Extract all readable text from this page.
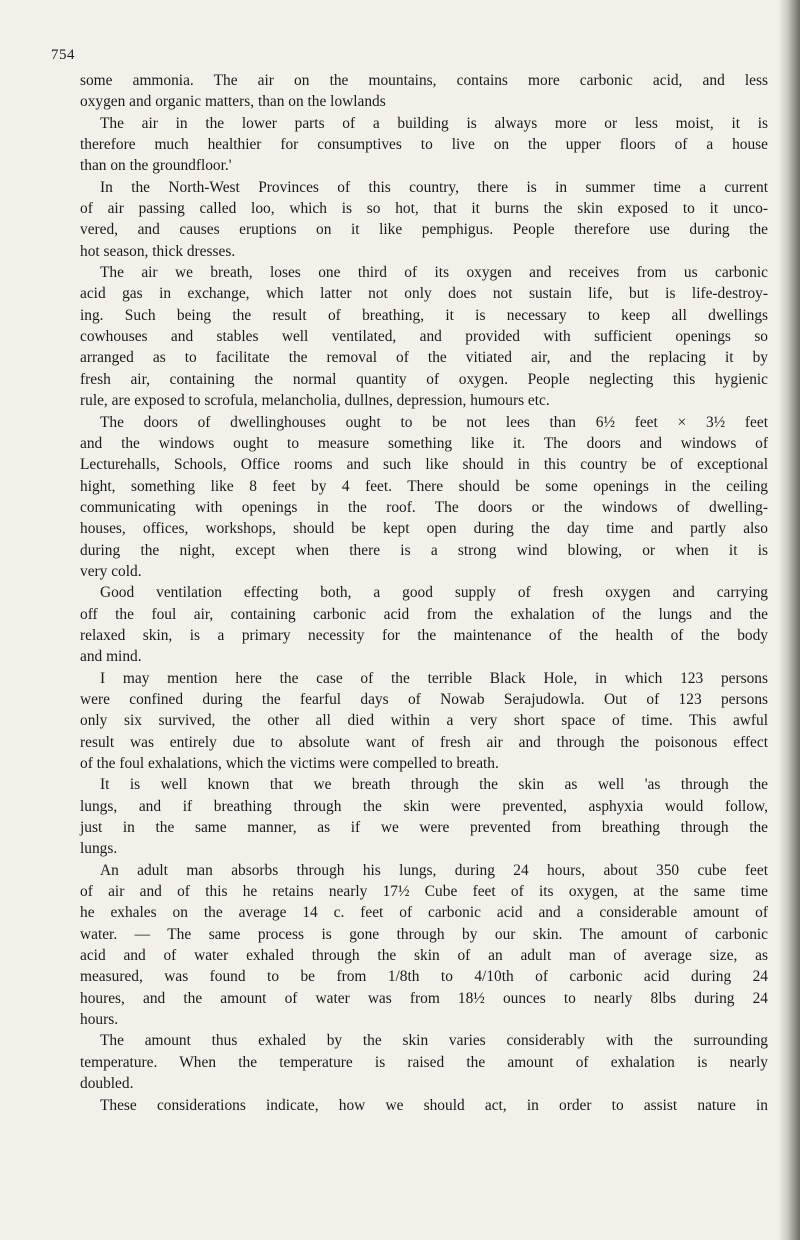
754
some ammonia. The air on the mountains, contains more carbonic acid, and less
oxygen and organic matters, than on the lowlands
The air in the lower parts of a building is always more or less moist, it is
therefore much healthier for consumptives to live on the upper floors of a house
than on the groundfloor.'
In the North-West Provinces of this country, there is in summer time a current
of air passing called loo, which is so hot, that it burns the skin exposed to it unco-
vered, and causes eruptions on it like pemphigus. People therefore use during the
hot season, thick dresses.
The air we breath, loses one third of its oxygen and receives from us carbonic
acid gas in exchange, which latter not only does not sustain life, but is life-destroy-
ing. Such being the result of breathing, it is necessary to keep all dwellings
cowhouses and stables well ventilated, and provided with sufficient openings so
arranged as to facilitate the removal of the vitiated air, and the replacing it by
fresh air, containing the normal quantity of oxygen. People neglecting this hygienic
rule, are exposed to scrofula, melancholia, dullnes, depression, humours etc.
The doors of dwellinghouses ought to be not lees than 6½ feet × 3½ feet
and the windows ought to measure something like it. The doors and windows of
Lecturehalls, Schools, Office rooms and such like should in this country be of exceptional
hight, something like 8 feet by 4 feet. There should be some openings in the ceiling
communicating with openings in the roof. The doors or the windows of dwelling-
houses, offices, workshops, should be kept open during the day time and partly also
during the night, except when there is a strong wind blowing, or when it is
very cold.
Good ventilation effecting both, a good supply of fresh oxygen and carrying
off the foul air, containing carbonic acid from the exhalation of the lungs and the
relaxed skin, is a primary necessity for the maintenance of the health of the body
and mind.
I may mention here the case of the terrible Black Hole, in which 123 persons
were confined during the fearful days of Nowab Serajudowla. Out of 123 persons
only six survived, the other all died within a very short space of time. This awful
result was entirely due to absolute want of fresh air and through the poisonous effect
of the foul exhalations, which the victims were compelled to breath.
It is well known that we breath through the skin as well 'as through the
lungs, and if breathing through the skin were prevented, asphyxia would follow,
just in the same manner, as if we were prevented from breathing through the
lungs.
An adult man absorbs through his lungs, during 24 hours, about 350 cube feet
of air and of this he retains nearly 17½ Cube feet of its oxygen, at the same time
he exhales on the average 14 c. feet of carbonic acid and a considerable amount of
water. — The same process is gone through by our skin. The amount of carbonic
acid and of water exhaled through the skin of an adult man of average size, as
measured, was found to be from 1/8th to 4/10th of carbonic acid during 24
houres, and the amount of water was from 18½ ounces to nearly 8lbs during 24
hours.
The amount thus exhaled by the skin varies considerably with the surrounding
temperature. When the temperature is raised the amount of exhalation is nearly
doubled.
These considerations indicate, how we should act, in order to assist nature in
